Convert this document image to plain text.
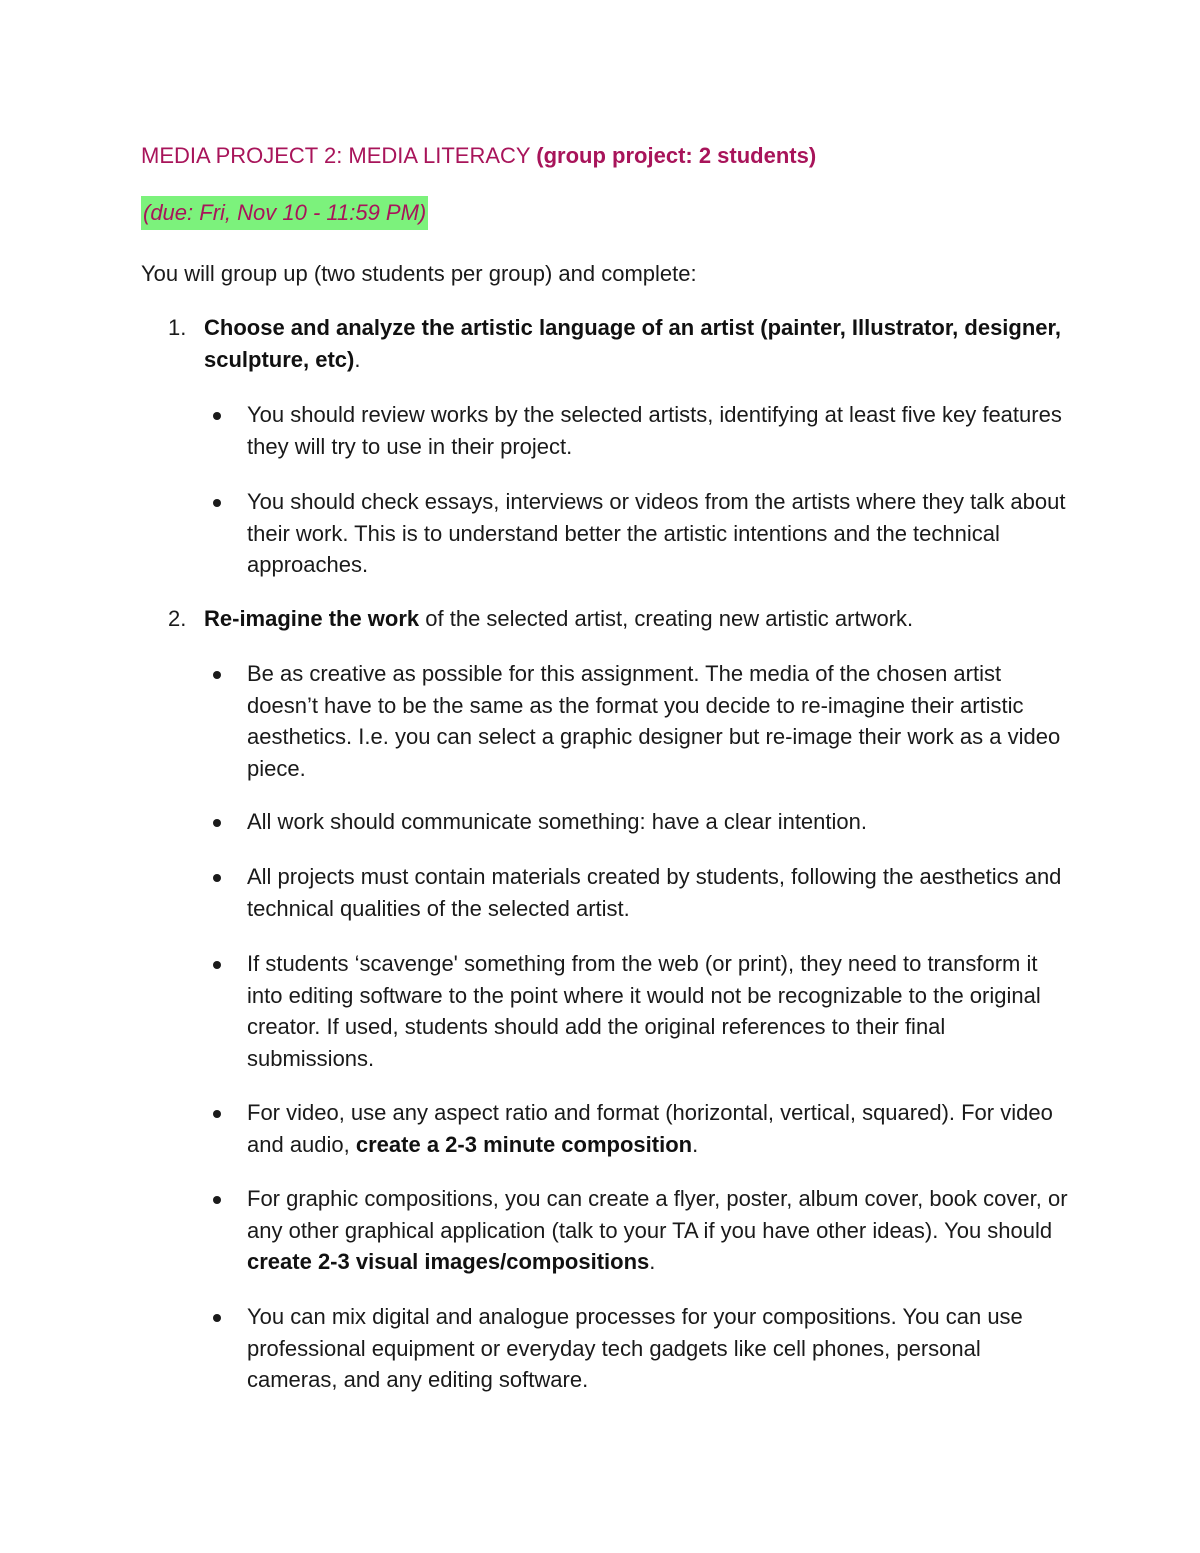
MEDIA PROJECT 2: MEDIA LITERACY (group project: 2 students)
(due: Fri, Nov 10 - 11:59 PM)

You will group up (two students per group) and complete:

1. Choose and analyze the artistic language of an artist (painter, Illustrator, designer, sculpture, etc).
You should review works by the selected artists, identifying at least five key features they will try to use in their project.
You should check essays, interviews or videos from the artists where they talk about their work. This is to understand better the artistic intentions and the technical approaches.
2. Re-imagine the work of the selected artist, creating new artistic artwork.
Be as creative as possible for this assignment. The media of the chosen artist doesn’t have to be the same as the format you decide to re-imagine their artistic aesthetics. I.e. you can select a graphic designer but re-image their work as a video piece.
All work should communicate something: have a clear intention.
All projects must contain materials created by students, following the aesthetics and technical qualities of the selected artist.
If students ‘scavenge' something from the web (or print), they need to transform it into editing software to the point where it would not be recognizable to the original creator. If used, students should add the original references to their final submissions.
For video, use any aspect ratio and format (horizontal, vertical, squared). For video and audio, create a 2-3 minute composition.
For graphic compositions, you can create a flyer, poster, album cover, book cover, or any other graphical application (talk to your TA if you have other ideas). You should create 2-3 visual images/compositions.
You can mix digital and analogue processes for your compositions. You can use professional equipment or everyday tech gadgets like cell phones, personal cameras, and any editing software.
